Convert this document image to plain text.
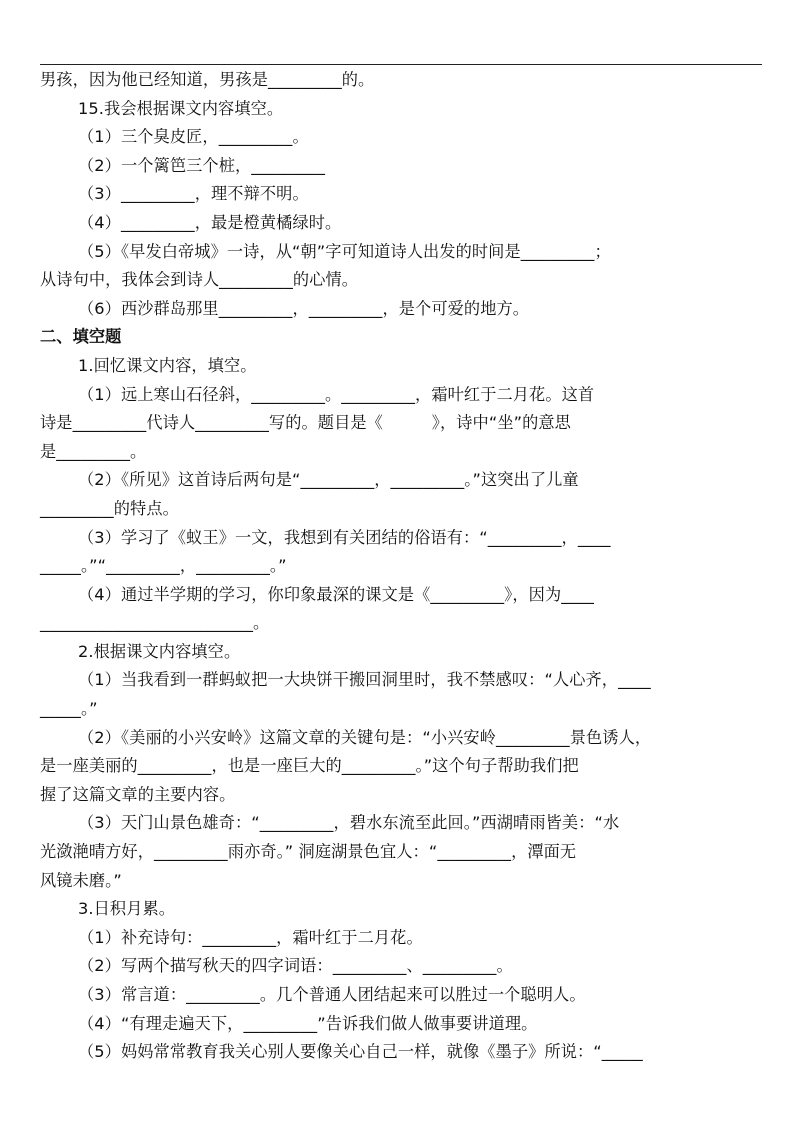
男孩，因为他已经知道，男孩是_________的。
15.我会根据课文内容填空。
（1）三个臭皮匠，_________。
（2）一个篱笆三个桩，_________
（3）_________，理不辩不明。
（4）_________，最是橙黄橘绿时。
（5）《早发白帝城》一诗，从“朝”字可知道诗人出发的时间是_________；
从诗句中，我体会到诗人_________的心情。
（6）西沙群岛那里_________，_________，是个可爱的地方。
二、填空题
1.回忆课文内容，填空。
（1）远上寒山石径斜，_________。_________，霜叶红于二月花。这首
诗是_________代诗人_________写的。题目是《　　　》，诗中“坐”的意思
是_________。
（2）《所见》这首诗后两句是“_________，_________。”这突出了儿童
_________的特点。
（3）学习了《蚁王》一文，我想到有关团结的俗语有：“_________，____
_____。”“_________，_________。”
（4）通过半学期的学习，你印象最深的课文是《_________》，因为____
__________________________。
2.根据课文内容填空。
（1）当我看到一群蚂蚁把一大块饼干搬回洞里时，我不禁感叹：“人心齐，____
_____。”
（2）《美丽的小兴安岭》这篇文章的关键句是：“小兴安岭_________景色诱人，
是一座美丽的_________，也是一座巨大的_________。”这个句子帮助我们把
握了这篇文章的主要内容。
（3）天门山景色雄奇：“_________，碧水东流至此回。”西湖晴雨皆美：“水
光潋滟晴方好，_________雨亦奇。” 洞庭湖景色宜人：“_________，潭面无
风镜未磨。”
3.日积月累。
（1）补充诗句：_________，霜叶红于二月花。
（2）写两个描写秋天的四字词语：_________、_________。
（3）常言道：_________。几个普通人团结起来可以胜过一个聪明人。
（4）“有理走遍天下，_________”告诉我们做人做事要讲道理。
（5）妈妈常常教育我关心别人要像关心自己一样，就像《墨子》所说：“_____
